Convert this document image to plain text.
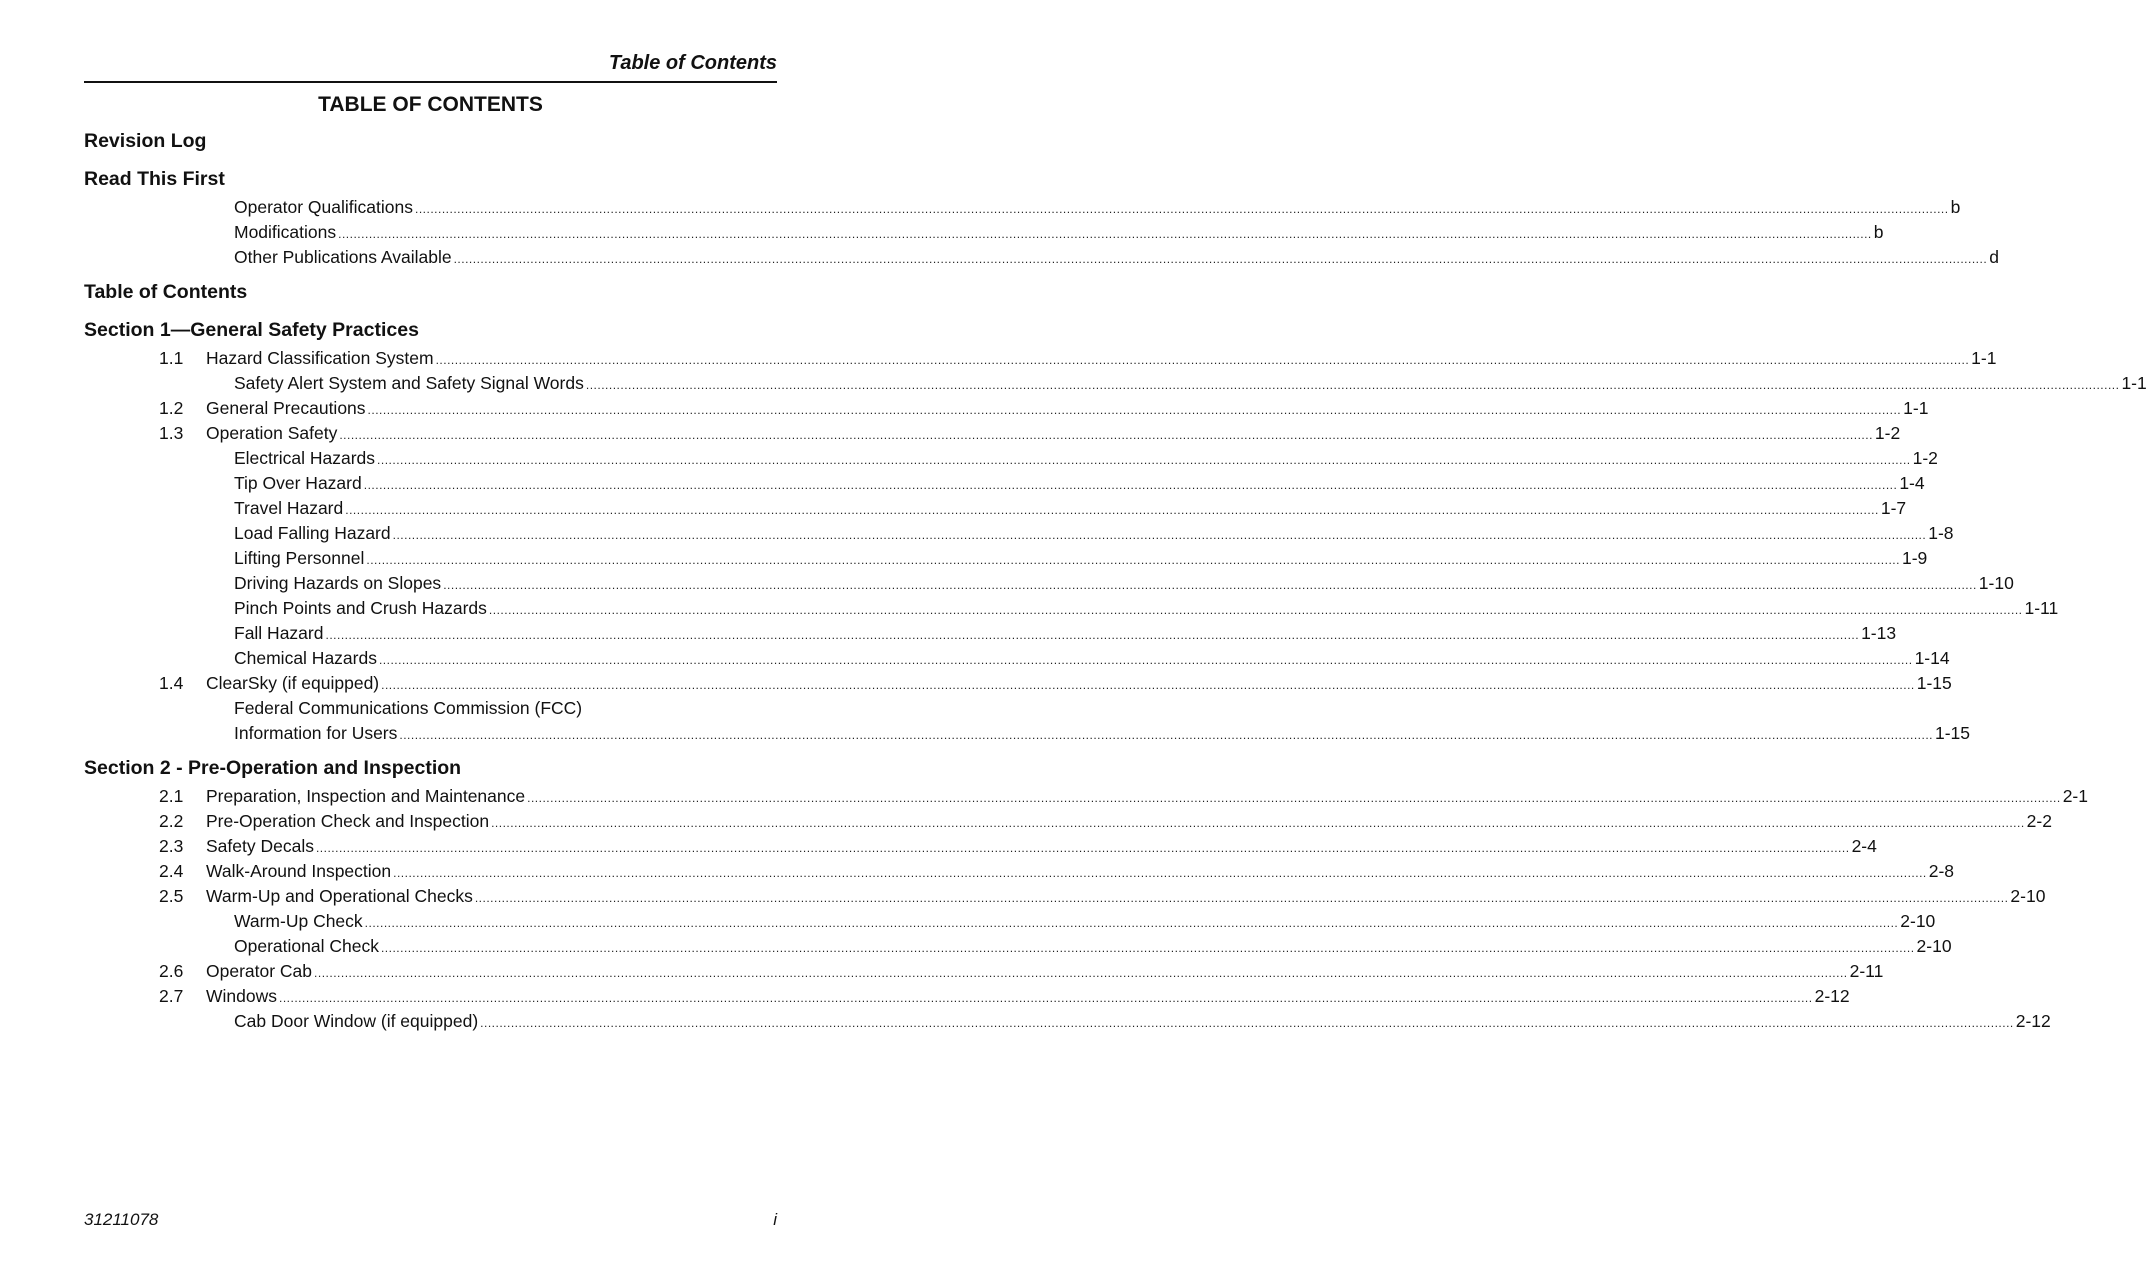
Table of Contents
TABLE OF CONTENTS
Revision Log
Read This First
Operator Qualifications ................................................................................................................................................................................................................................................................................................................................................................................................................ b
Modifications ................................................................................................................................................................................................................................................................................................................................................................................................................ b
Other Publications Available ................................................................................................................................................................................................................................................................................................................................................................................................................ d
Table of Contents
Section 1—General Safety Practices
1.1 Hazard Classification System ................................................................................................................................................................................................................................................................................................................................................................................................................ 1-1
Safety Alert System and Safety Signal Words ................................................................................................................................................................................................................................................................................................................................................................................................................ 1-1
1.2 General Precautions ................................................................................................................................................................................................................................................................................................................................................................................................................ 1-1
1.3 Operation Safety ................................................................................................................................................................................................................................................................................................................................................................................................................ 1-2
Electrical Hazards ................................................................................................................................................................................................................................................................................................................................................................................................................ 1-2
Tip Over Hazard ................................................................................................................................................................................................................................................................................................................................................................................................................ 1-4
Travel Hazard ................................................................................................................................................................................................................................................................................................................................................................................................................ 1-7
Load Falling Hazard ................................................................................................................................................................................................................................................................................................................................................................................................................ 1-8
Lifting Personnel ................................................................................................................................................................................................................................................................................................................................................................................................................ 1-9
Driving Hazards on Slopes ................................................................................................................................................................................................................................................................................................................................................................................................................ 1-10
Pinch Points and Crush Hazards ................................................................................................................................................................................................................................................................................................................................................................................................................ 1-11
Fall Hazard ................................................................................................................................................................................................................................................................................................................................................................................................................ 1-13
Chemical Hazards ................................................................................................................................................................................................................................................................................................................................................................................................................ 1-14
1.4 ClearSky (if equipped) ................................................................................................................................................................................................................................................................................................................................................................................................................ 1-15
Federal Communications Commission (FCC)
Information for Users ................................................................................................................................................................................................................................................................................................................................................................................................................ 1-15
Section 2 - Pre-Operation and Inspection
2.1 Preparation, Inspection and Maintenance ................................................................................................................................................................................................................................................................................................................................................................................................................ 2-1
2.2 Pre-Operation Check and Inspection ................................................................................................................................................................................................................................................................................................................................................................................................................ 2-2
2.3 Safety Decals ................................................................................................................................................................................................................................................................................................................................................................................................................ 2-4
2.4 Walk-Around Inspection ................................................................................................................................................................................................................................................................................................................................................................................................................ 2-8
2.5 Warm-Up and Operational Checks ................................................................................................................................................................................................................................................................................................................................................................................................................ 2-10
Warm-Up Check ................................................................................................................................................................................................................................................................................................................................................................................................................ 2-10
Operational Check ................................................................................................................................................................................................................................................................................................................................................................................................................ 2-10
2.6 Operator Cab ................................................................................................................................................................................................................................................................................................................................................................................................................ 2-11
2.7 Windows ................................................................................................................................................................................................................................................................................................................................................................................................................ 2-12
Cab Door Window (if equipped) ................................................................................................................................................................................................................................................................................................................................................................................................................ 2-12
31211078	i
